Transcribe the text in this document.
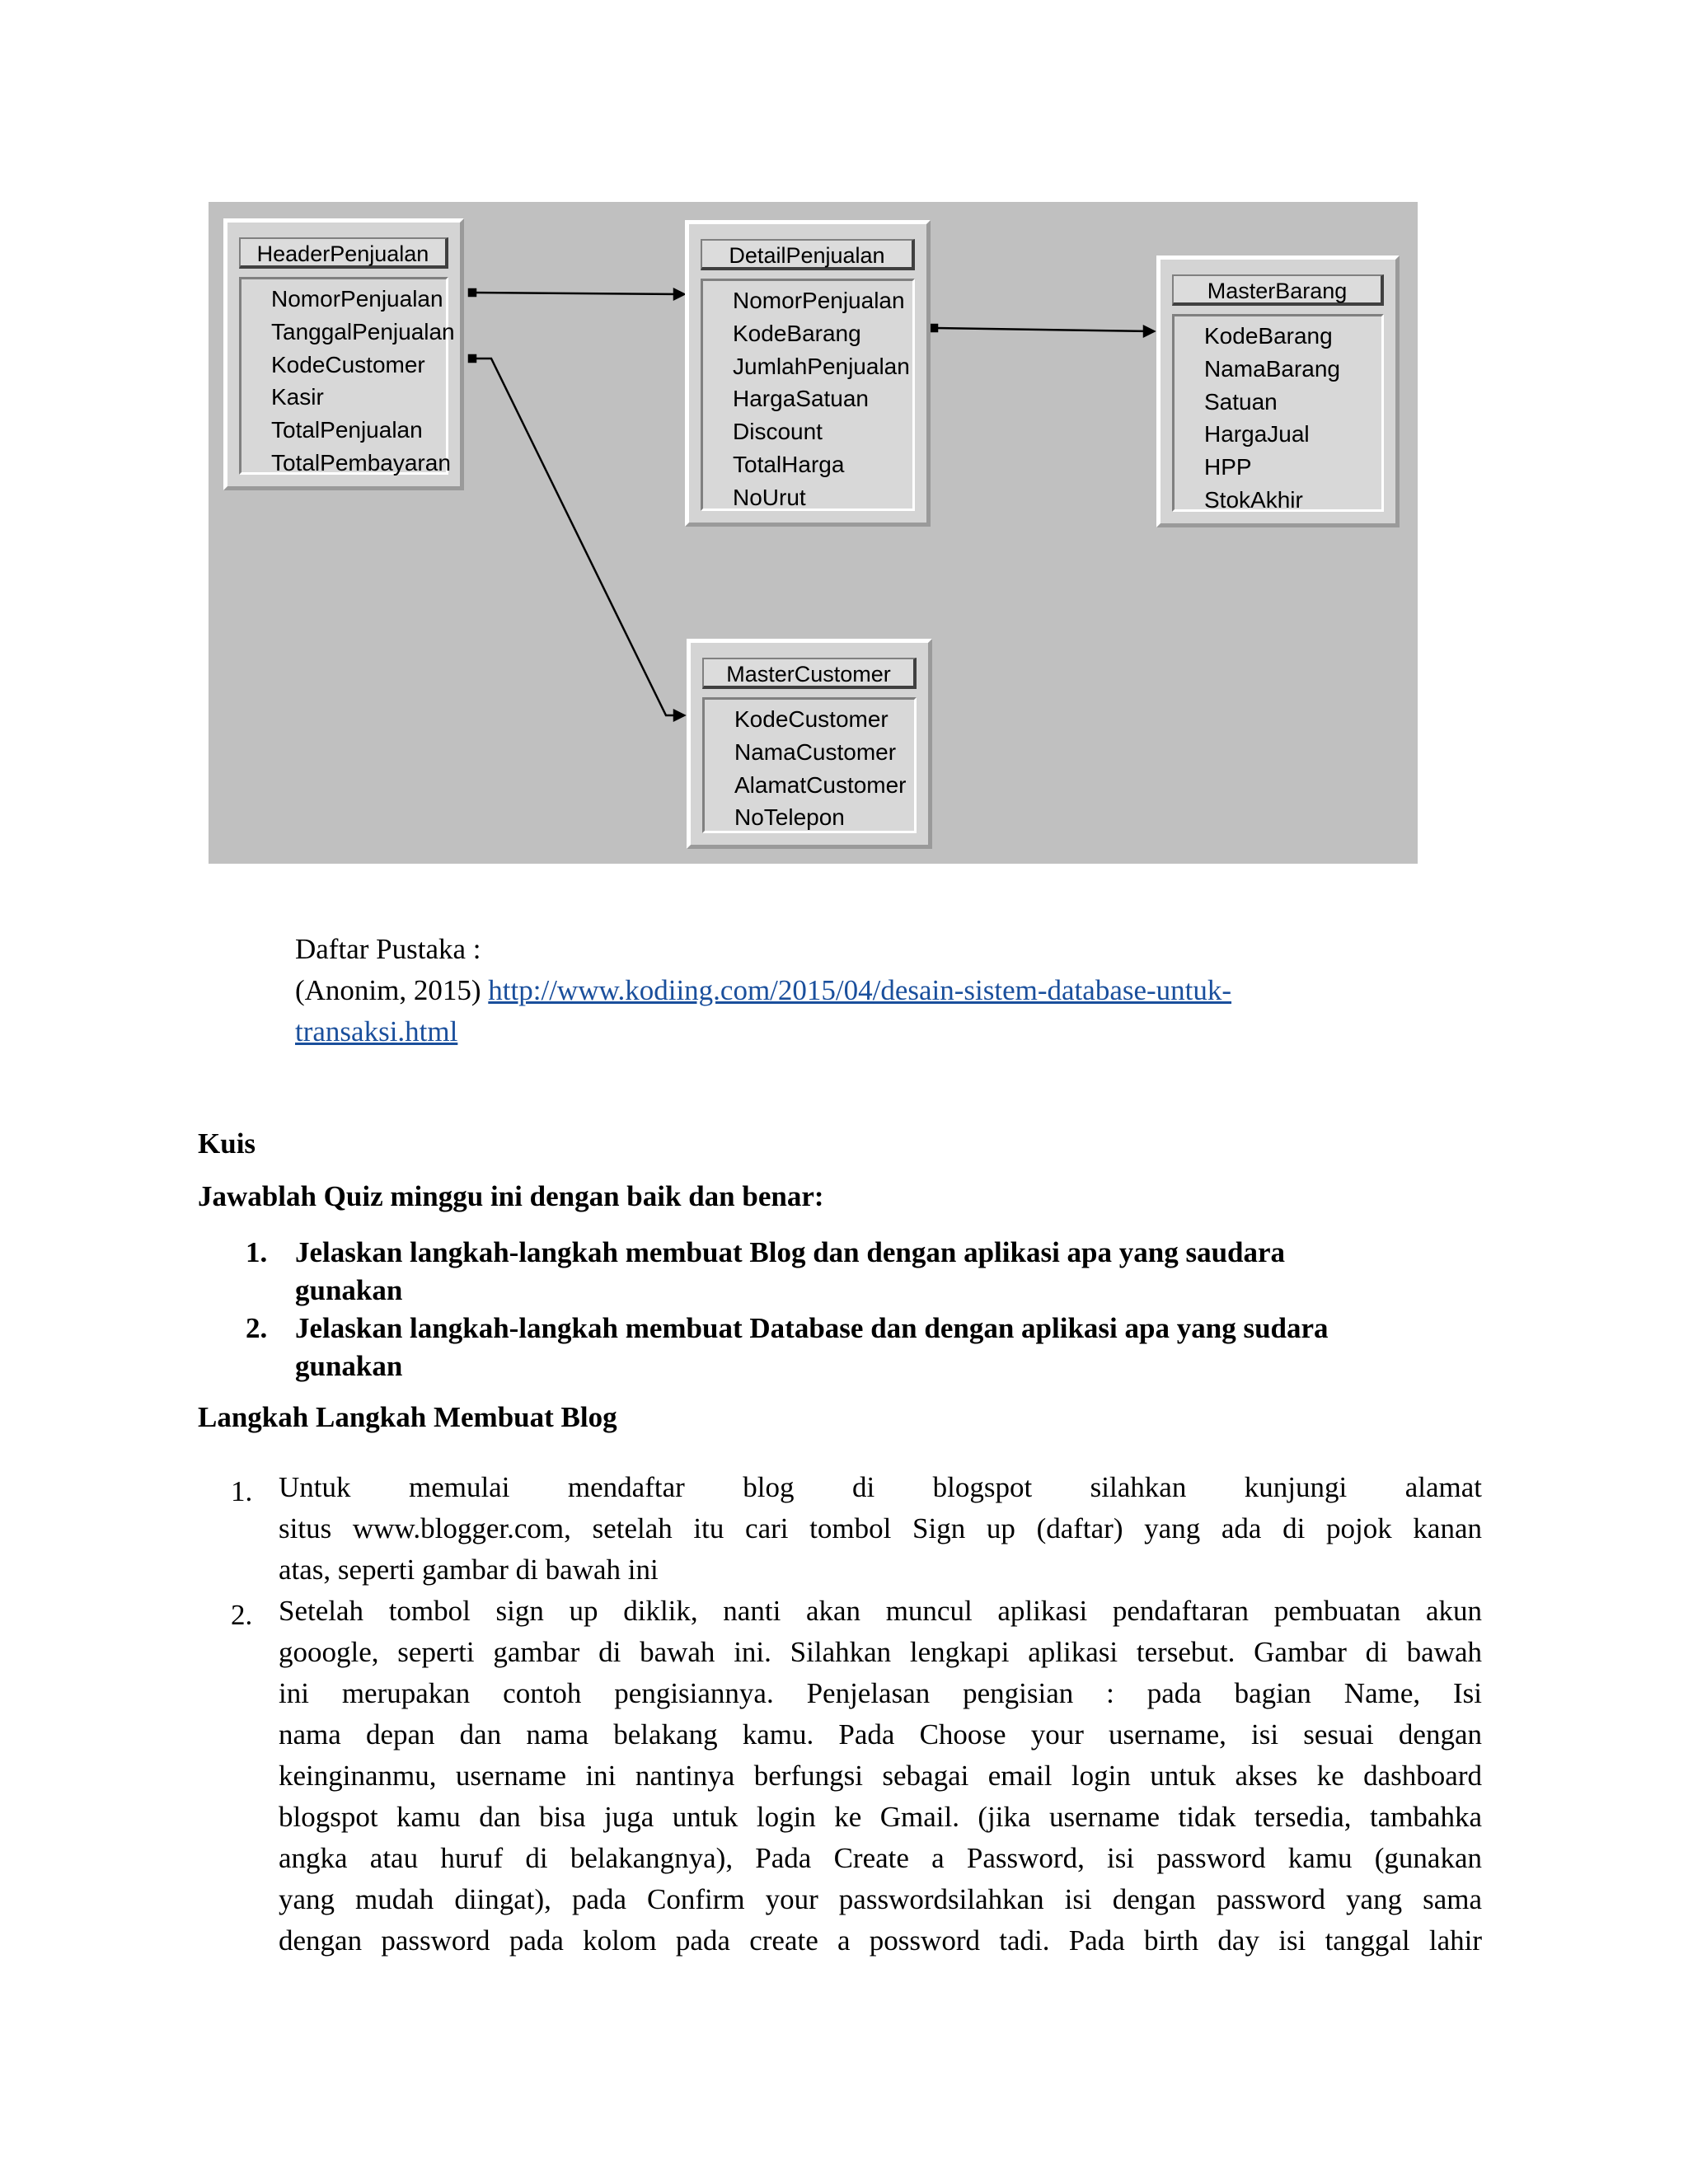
HeaderPenjualan
NomorPenjualan
TanggalPenjualan
KodeCustomer
Kasir
TotalPenjualan
TotalPembayaran
DetailPenjualan
NomorPenjualan
KodeBarang
JumlahPenjualan
HargaSatuan
Discount
TotalHarga
NoUrut
MasterBarang
KodeBarang
NamaBarang
Satuan
HargaJual
HPP
StokAkhir
MasterCustomer
KodeCustomer
NamaCustomer
AlamatCustomer
NoTelepon
Daftar Pustaka :
(Anonim, 2015) http://www.kodiing.com/2015/04/desain-sistem-database-untuk-
transaksi.html
Kuis
Jawablah Quiz minggu ini dengan baik dan benar:
1. Jelaskan langkah-langkah membuat Blog dan dengan aplikasi apa yang saudara
gunakan
2. Jelaskan langkah-langkah membuat Database dan dengan aplikasi apa yang sudara
gunakan
Langkah Langkah Membuat Blog
1. Untuk memulai mendaftar blog di blogspot silahkan kunjungi alamat
situs www.blogger.com, setelah itu cari tombol Sign up (daftar) yang ada di pojok kanan
atas, seperti gambar di bawah ini
2. Setelah tombol sign up diklik, nanti akan muncul aplikasi pendaftaran pembuatan akun
gooogle, seperti gambar di bawah ini. Silahkan lengkapi aplikasi tersebut. Gambar di bawah
ini merupakan contoh pengisiannya. Penjelasan pengisian : pada bagian Name, Isi
nama depan dan nama belakang kamu. Pada Choose your username, isi sesuai dengan
keinginanmu, username ini nantinya berfungsi sebagai email login untuk akses ke dashboard
blogspot kamu dan bisa juga untuk login ke Gmail. (jika username tidak tersedia, tambahka
angka atau huruf di belakangnya), Pada Create a Password, isi password kamu (gunakan
yang mudah diingat), pada Confirm your passwordsilahkan isi dengan password yang sama
dengan password pada kolom pada create a possword tadi. Pada birth day isi tanggal lahir
